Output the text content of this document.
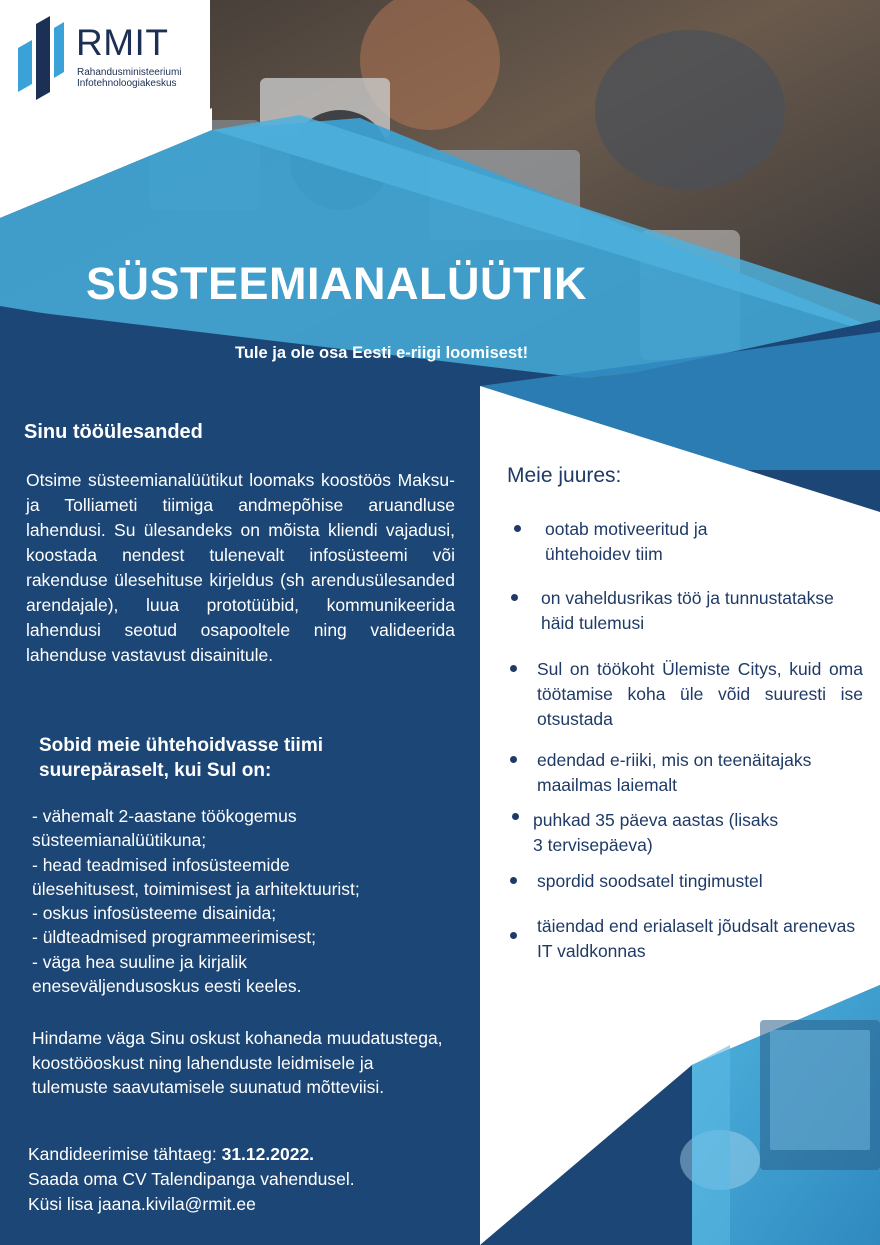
RMIT
Rahandusministeeriumi
Infotehnoloogiakeskus
SÜSTEEMIANALÜÜTIK
Tule ja ole osa Eesti e-riigi loomisest!
Sinu tööülesanded
Otsime süsteemianalüütikut loomaks koostöös Maksu- ja Tolliameti tiimiga andmepõhise aruandluse lahendusi. Su ülesandeks on mõista kliendi vajadusi, koostada nendest tulenevalt infosüsteemi või rakenduse ülesehituse kirjeldus (sh arendusülesanded arendajale), luua prototüübid, kommunikeerida lahendusi seotud osapooltele ning valideerida lahenduse vastavust disainitule.
Sobid meie ühtehoidvasse tiimi
suurepäraselt, kui Sul on:
- vähemalt 2-aastane töökogemus
süsteemianalüütikuna;
- head teadmised infosüsteemide
ülesehitusest, toimimisest ja arhitektuurist;
- oskus infosüsteeme disainida;
- üldteadmised programmeerimisest;
- väga hea suuline ja kirjalik
eneseväljendusoskus eesti keeles.
Hindame väga Sinu oskust kohaneda muudatustega, koostööoskust ning lahenduste leidmisele ja tulemuste saavutamisele suunatud mõtteviisi.
Kandideerimise tähtaeg: 31.12.2022.
Saada oma CV Talendipanga vahendusel.
Küsi lisa jaana.kivila@rmit.ee
Meie juures:
ootab motiveeritud ja ühtehoidev tiim
on vaheldusrikas töö ja tunnustatakse häid tulemusi
Sul on töökoht Ülemiste Citys, kuid oma töötamise koha üle võid suuresti ise otsustada
edendad e-riiki, mis on teenäitajaks maailmas laiemalt
puhkad 35 päeva aastas (lisaks 3 tervisepäeva)
spordid soodsatel tingimustel
täiendad end erialaselt jõudsalt arenevas IT valdkonnas
